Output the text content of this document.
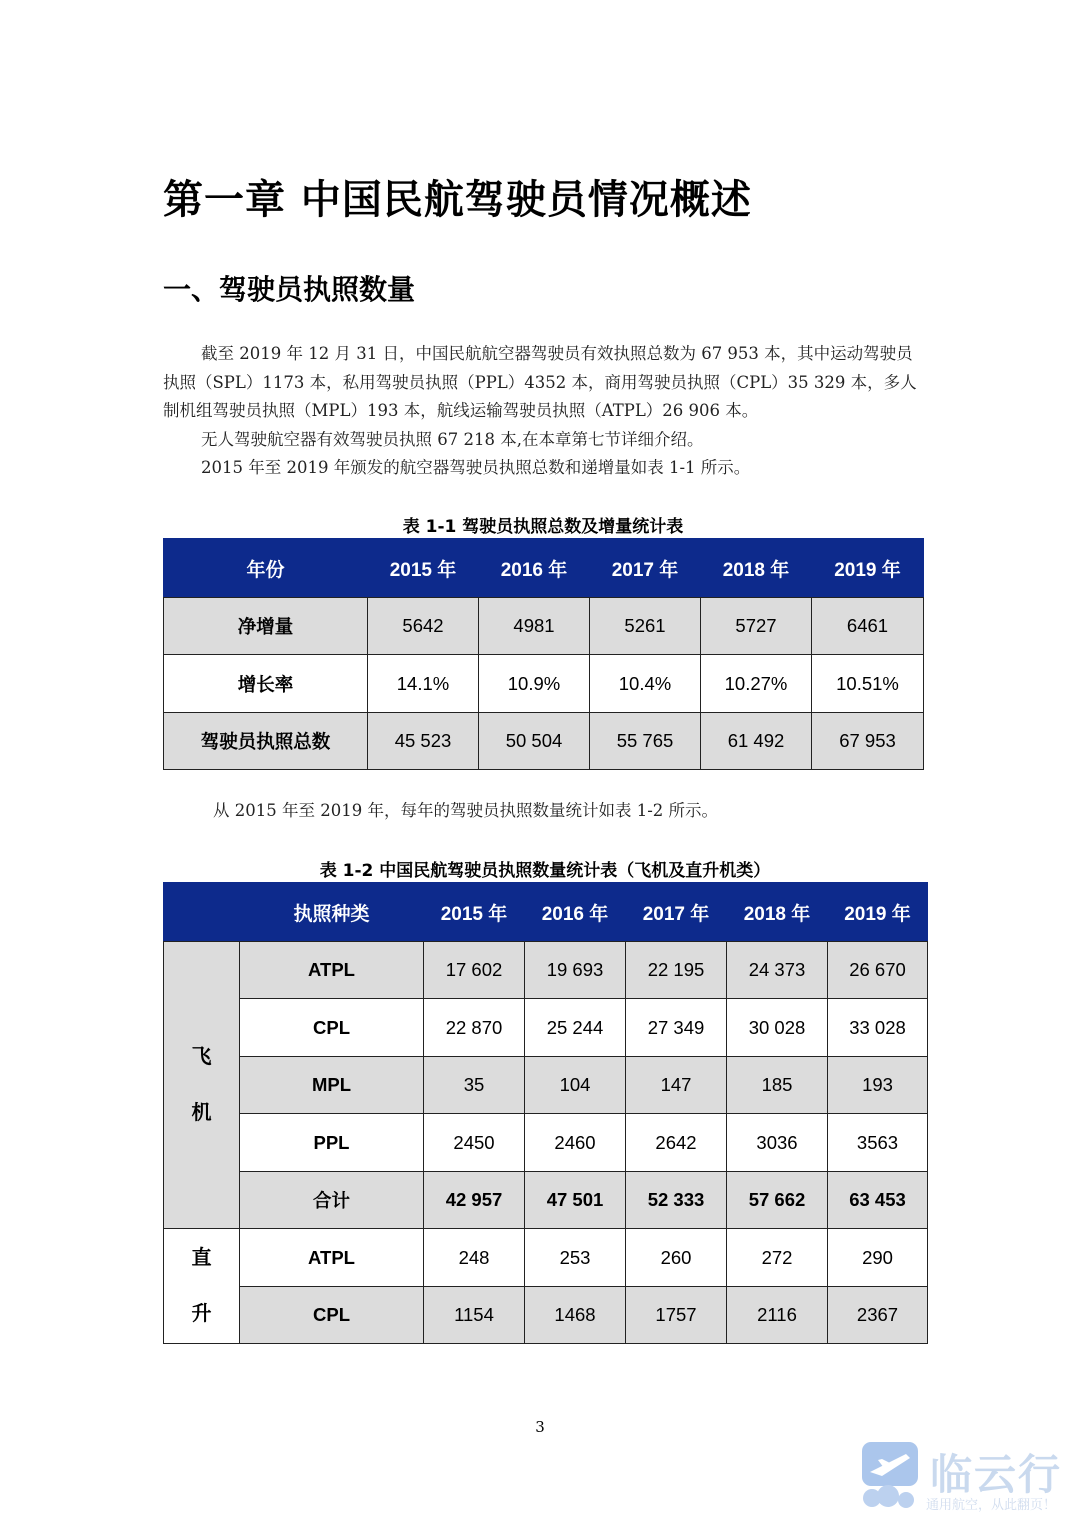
第一章 中国民航驾驶员情况概述
一、驾驶员执照数量

截至 2019 年 12 月 31 日，中国民航航空器驾驶员有效执照总数为 67 953 本，其中运动驾驶员执照（SPL）1173 本，私用驾驶员执照（PPL）4352 本，商用驾驶员执照（CPL）35 329 本，多人制机组驾驶员执照（MPL）193 本，航线运输驾驶员执照（ATPL）26 906 本。

无人驾驶航空器有效驾驶员执照 67 218 本,在本章第七节详细介绍。

2015 年至 2019 年颁发的航空器驾驶员执照总数和递增量如表 1-1 所示。

表 1-1 驾驶员执照总数及增量统计表

年份	2015 年	2016 年	2017 年	2018 年	2019 年
净增量	5642	4981	5261	5727	6461
增长率	14.1%	10.9%	10.4%	10.27%	10.51%
驾驶员执照总数	45 523	50 504	55 765	61 492	67 953

从 2015 年至 2019 年，每年的驾驶员执照数量统计如表 1-2 所示。

表 1-2 中国民航驾驶员执照数量统计表（飞机及直升机类）

	执照种类	2015 年	2016 年	2017 年	2018 年	2019 年

飞
机	ATPL	17 602	19 693	22 195	24 373	26 670
	CPL	22 870	25 244	27 349	30 028	33 028
	MPL	35	104	147	185	193
	PPL	2450	2460	2642	3036	3563
	合计	42 957	47 501	52 333	57 662	63 453

直
升	ATPL	248	253	260	272	290
	CPL	1154	1468	1757	2116	2367

3

临云行
通用航空，从此翻页！
